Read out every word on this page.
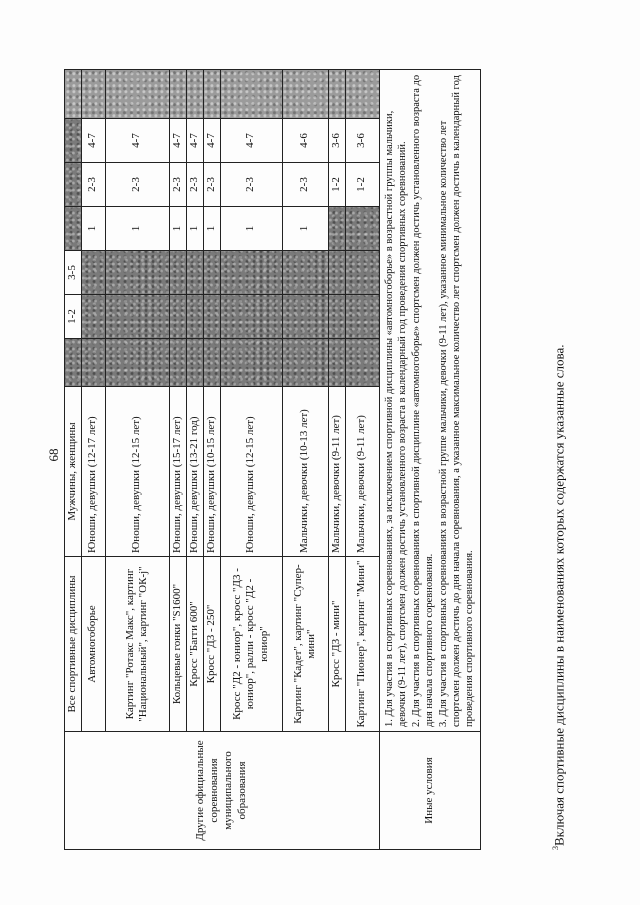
68
Другие официальные соревнования муниципального образования	Все спортивные дисциплины	Мужчины, женщины		1-2	3-5				
	Автомногоборье	Юноши, девушки (12-17 лет)				1	2-3	4-7	
	Картинг "Ротакс Макс", картинг "Национальный", картинг "ОК-j"	Юноши, девушки (12-15 лет)				1	2-3	4-7	
	Кольцевые гонки "S1600"	Юноши, девушки (15-17 лет)				1	2-3	4-7	
	Кросс "Багги 600"	Юноши, девушки (13-21 год)				1	2-3	4-7	
	Кросс "Д3 - 250"	Юноши, девушки (10-15 лет)				1	2-3	4-7	
	Кросс "Д2 - юниор", кросс "Д3 - юниор", ралли - кросс "Д2 - юниор"	Юноши, девушки (12-15 лет)				1	2-3	4-7	
	Картинг "Кадет", картинг "Супер-мини"	Мальчики, девочки (10-13 лет)				1	2-3	4-6	
	Кросс "Д3 - мини"	Мальчики, девочки (9-11 лет)					1-2	3-6	
	Картинг "Пионер", картинг "Мини"	Мальчики, девочки (9-11 лет)					1-2	3-6	
Иные условия	1. Для участия в спортивных соревнованиях, за исключением спортивной дисциплины «автомногоборье» в возрастной группы мальчики, девочки (9-11 лет), спортсмен должен достичь установленного возраста в календарный год проведения спортивных соревнований. 2. Для участия в спортивных соревнованиях в спортивной дисциплине «автомногоборье» спортсмен должен достичь установленного возраста до дня начала спортивного соревнования. 3. Для участия в спортивных соревнованиях в возрастной группе мальчики, девочки (9-11 лет), указанное минимальное количество лет спортсмен должен достичь до дня начала соревнования, а указанное максимальное количество лет спортсмен должен достичь в календарный год проведения спортивного соревнования.								

$^3$Включая спортивные дисциплины в наименованиях которых содержатся указанные слова.
